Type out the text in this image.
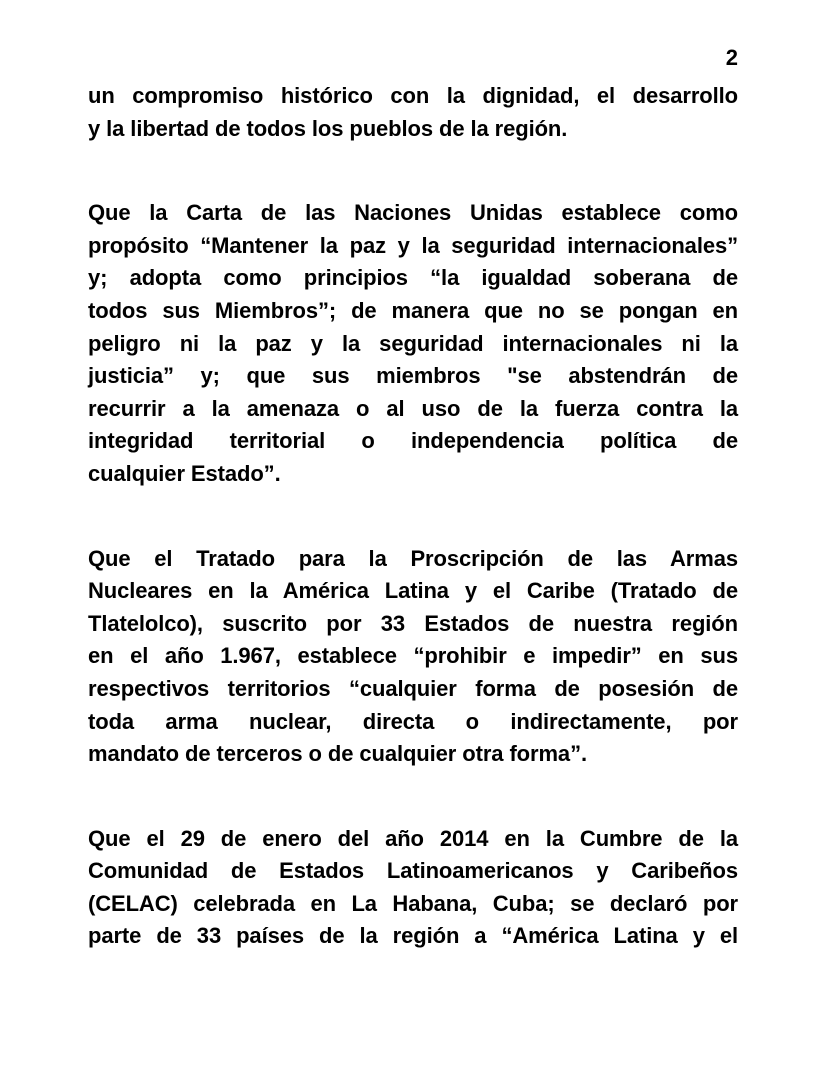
2
un compromiso histórico con la dignidad, el desarrollo
y la libertad de todos los pueblos de la región.
Que la Carta de las Naciones Unidas establece como
propósito “Mantener la paz y la seguridad internacionales”
y; adopta como principios “la igualdad soberana de
todos sus Miembros”; de manera que no se pongan en
peligro ni la paz y la seguridad internacionales ni la
justicia” y; que sus miembros "se abstendrán de
recurrir a la amenaza o al uso de la fuerza contra la
integridad territorial o independencia política de
cualquier Estado”.
Que el Tratado para la Proscripción de las Armas
Nucleares en la América Latina y el Caribe (Tratado de
Tlatelolco), suscrito por 33 Estados de nuestra región
en el año 1.967, establece “prohibir e impedir” en sus
respectivos territorios “cualquier forma de posesión de
toda arma nuclear, directa o indirectamente, por
mandato de terceros o de cualquier otra forma”.
Que el 29 de enero del año 2014 en la Cumbre de la
Comunidad de Estados Latinoamericanos y Caribeños
(CELAC) celebrada en La Habana, Cuba; se declaró por
parte de 33 países de la región a “América Latina y el
